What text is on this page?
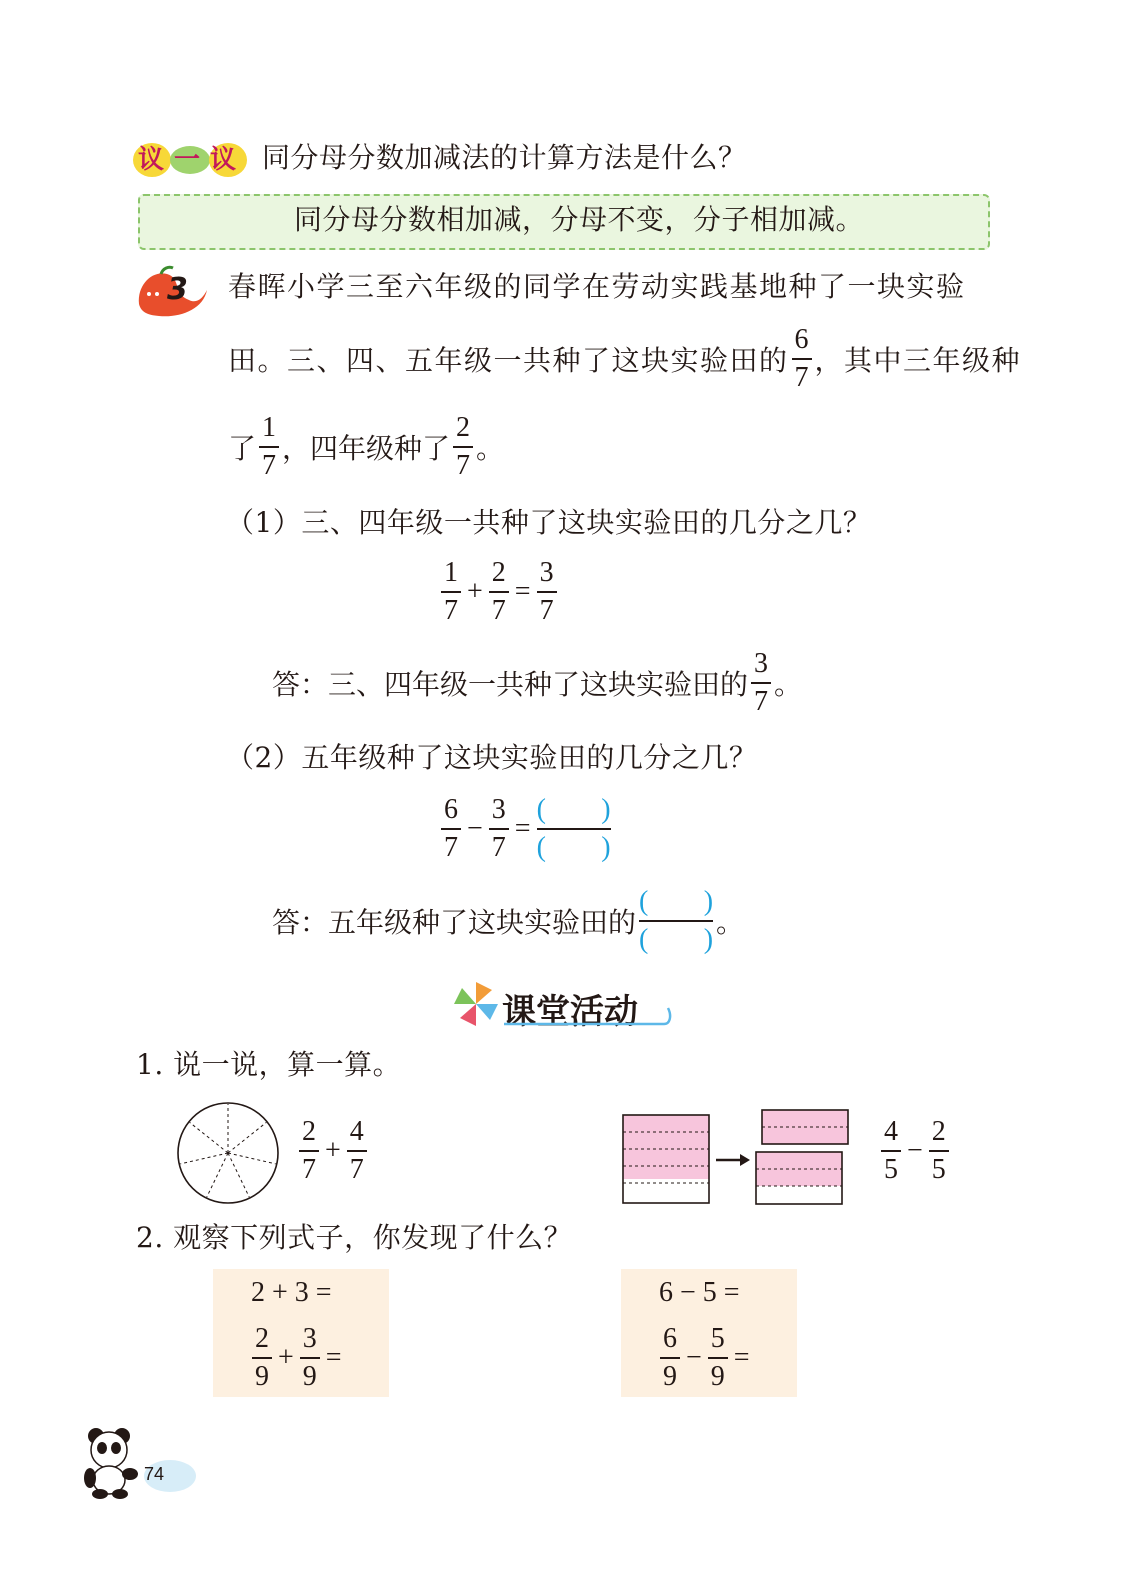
议一议 同分母分数加减法的计算方法是什么？
同分母分数相加减，分母不变，分子相加减。
3 春晖小学三至六年级的同学在劳动实践基地种了一块实验
田。三、四、五年级一共种了这块实验田的 $\frac{6}{7}$ ，其中三年级种
了 $\frac{1}{7}$ ，四年级种了 $\frac{2}{7}$ 。
（1）三、四年级一共种了这块实验田的几分之几？
$\frac{1}{7} + \frac{2}{7} = \frac{3}{7}$
答：三、四年级一共种了这块实验田的 $\frac{3}{7}$ 。
（2）五年级种了这块实验田的几分之几？
$\frac{6}{7} - \frac{3}{7}$ =
( )
( )
答：五年级种了这块实验田的
( )
( )
。
课堂活动
1. 说一说，算一算。
$\frac{2}{7} + \frac{4}{7}$	$\frac{4}{5} - \frac{2}{5}$
2. 观察下列式子，你发现了什么？
2 + 3 =
$\frac{2}{9} + \frac{3}{9}$ =
6 − 5 =
$\frac{6}{9} - \frac{5}{9}$ =
74
